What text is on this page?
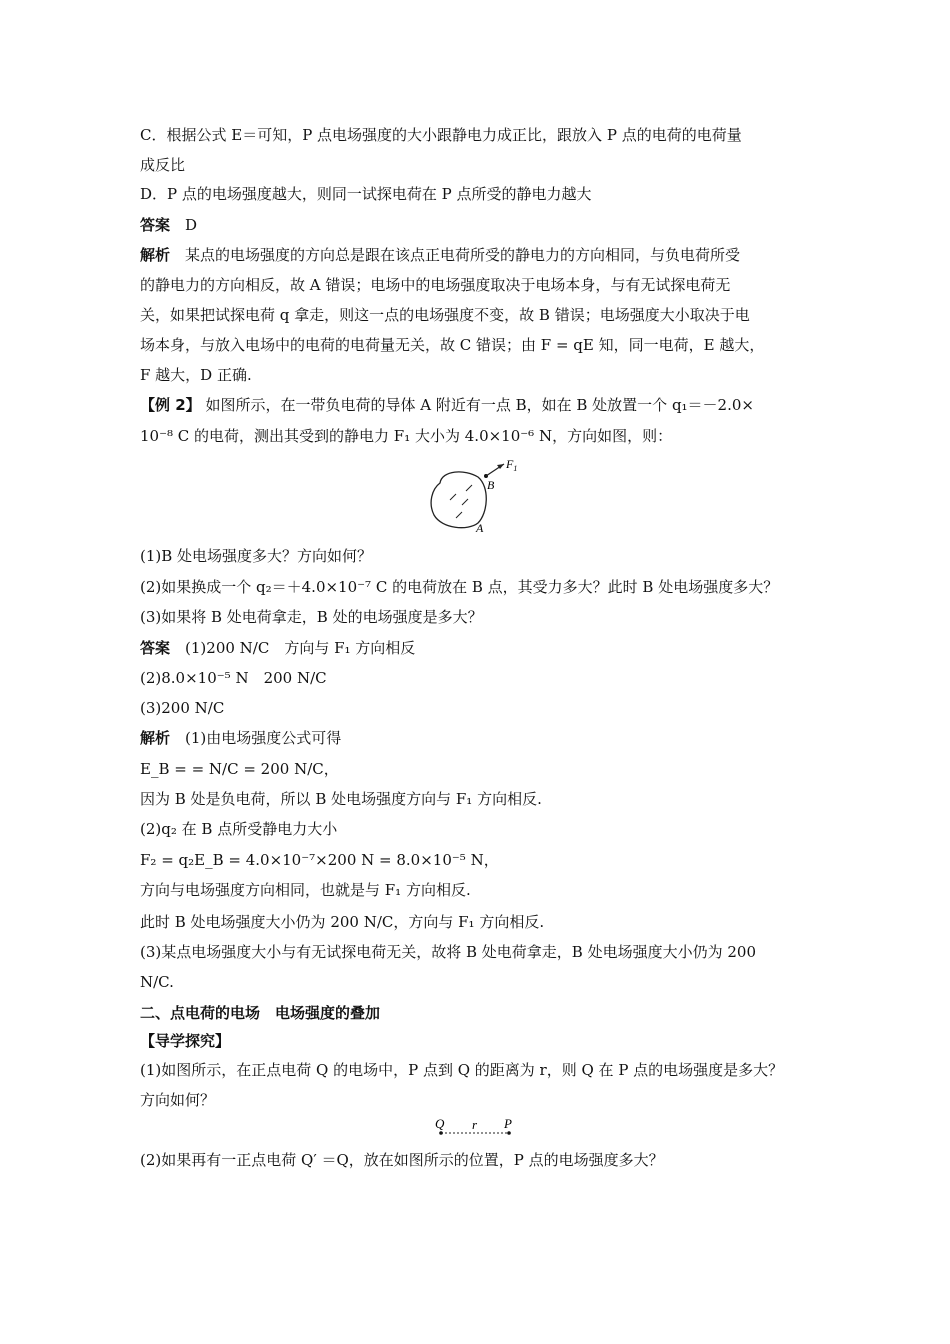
C．根据公式 E＝可知，P 点电场强度的大小跟静电力成正比，跟放入 P 点的电荷的电荷量
成反比
D．P 点的电场强度越大，则同一试探电荷在 P 点所受的静电力越大
答案　 D
解析　 某点的电场强度的方向总是跟在该点正电荷所受的静电力的方向相同，与负电荷所受
的静电力的方向相反，故 A 错误；电场中的电场强度取决于电场本身，与有无试探电荷无
关，如果把试探电荷 q 拿走，则这一点的电场强度不变，故 B 错误；电场强度大小取决于电
场本身，与放入电场中的电荷的电荷量无关，故 C 错误；由 F = qE 知，同一电荷，E 越大，
F 越大，D 正确.
【例 2】 如图所示，在一带负电荷的导体 A 附近有一点 B，如在 B 处放置一个 q₁＝－2.0×
10⁻⁸ C 的电荷，测出其受到的静电力 F₁ 大小为 4.0×10⁻⁶ N，方向如图，则：
$F_1$
B
A
(1)B 处电场强度多大？方向如何？
(2)如果换成一个 q₂＝＋4.0×10⁻⁷ C 的电荷放在 B 点，其受力多大？此时 B 处电场强度多大？
(3)如果将 B 处电荷拿走，B 处的电场强度是多大？
答案　 (1)200 N/C　方向与 F₁ 方向相反
(2)8.0×10⁻⁵ N　200 N/C
(3)200 N/C
解析　 (1)由电场强度公式可得
E_B = = N/C = 200 N/C，
因为 B 处是负电荷，所以 B 处电场强度方向与 F₁ 方向相反.
(2)q₂ 在 B 点所受静电力大小
F₂ = q₂E_B = 4.0×10⁻⁷×200 N = 8.0×10⁻⁵ N，
方向与电场强度方向相同，也就是与 F₁ 方向相反.
此时 B 处电场强度大小仍为 200 N/C，方向与 F₁ 方向相反.
(3)某点电场强度大小与有无试探电荷无关，故将 B 处电荷拿走，B 处电场强度大小仍为 200
N/C.
二、点电荷的电场　电场强度的叠加
【导学探究】
(1)如图所示，在正点电荷 Q 的电场中，P 点到 Q 的距离为 r，则 Q 在 P 点的电场强度是多大？
方向如何？
Q r P
(2)如果再有一正点电荷 Q′ ＝Q，放在如图所示的位置，P 点的电场强度多大？
